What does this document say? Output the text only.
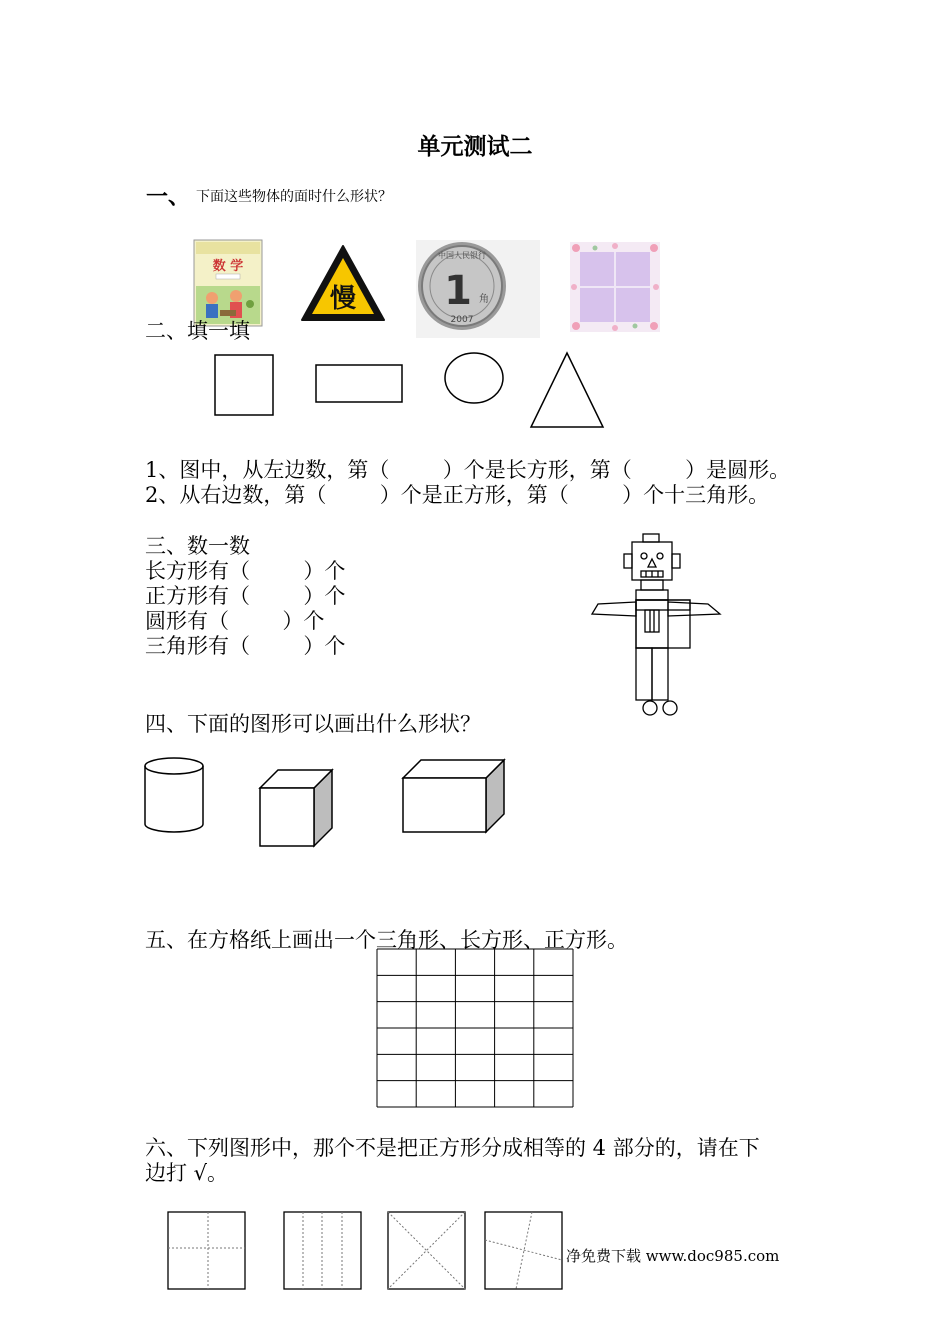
单元测试二
一、 下面这些物体的面时什么形状？
数 学
慢
中国人民银行
1 角
2007
二、填一填
1、图中，从左边数，第（        ）个是长方形，第（        ）是圆形。
2、从右边数，第（        ）个是正方形，第（        ）个十三角形。
三、数一数
长方形有（        ）个
正方形有（        ）个
圆形有（        ）个
三角形有（        ）个
四、下面的图形可以画出什么形状？
五、在方格纸上画出一个三角形、长方形、正方形。
六、下列图形中，那个不是把正方形分成相等的 4 部分的，请在下
边打 √。
净免费下载 www.doc985.com
